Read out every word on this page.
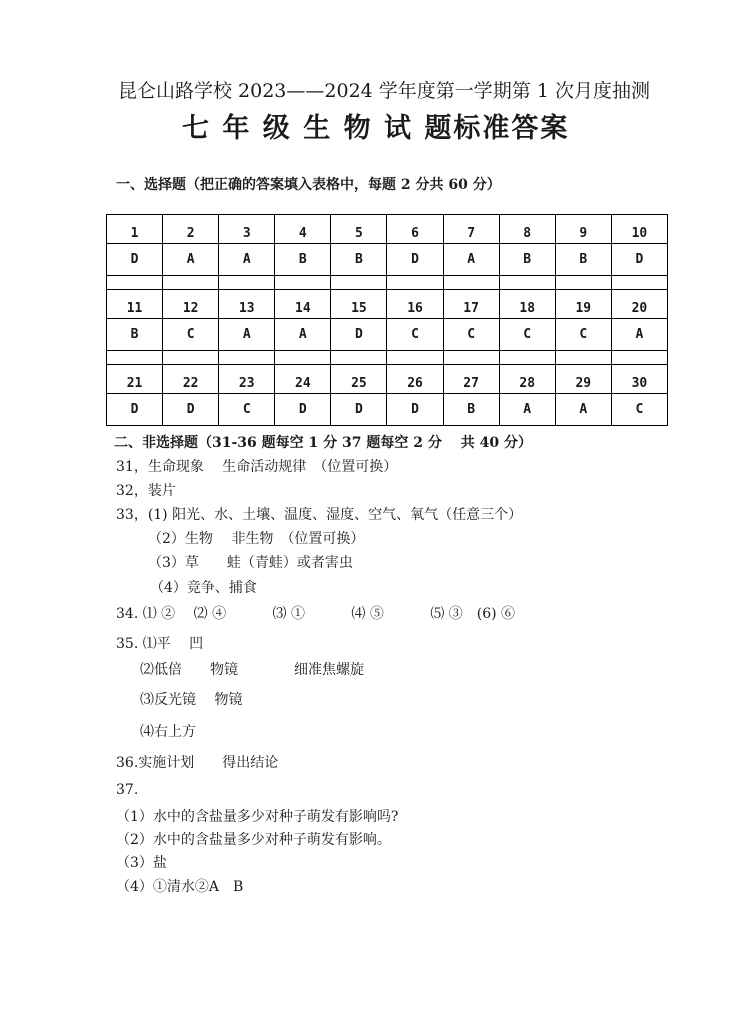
昆仑山路学校 2023——2024 学年度第一学期第 1 次月度抽测
七 年 级 生 物 试 题标准答案
一、选择题（把正确的答案填入表格中，每题 2 分共 60 分）
1	2	3	4	5	6	7	8	9	10
D	A	A	B	B	D	A	B	B	D

11	12	13	14	15	16	17	18	19	20
B	C	A	A	D	C	C	C	C	A

21	22	23	24	25	26	27	28	29	30
D	D	C	D	D	D	B	A	A	C
二、非选择题（31-36 题每空 1 分 37 题每空 2 分　 共 40 分）
31，生命现象　 生命活动规律　（位置可换）
32，装片
33，(1) 阳光、水、土壤、温度、湿度、空气、氧气（任意三个）
（2）生物　 非生物　（位置可换）
（3）草　　蛙（青蛙）或者害虫
（4）竞争、捕食
34. ⑴ ②　 ⑵ ④　　　 ⑶ ①　　　 ⑷ ⑤　　　 ⑸ ③　(6) ⑥
35. ⑴平　 凹
⑵低倍　　物镜　　　　细准焦螺旋
⑶反光镜　 物镜
⑷右上方
36.实施计划　　得出结论
37.
（1）水中的含盐量多少对种子萌发有影响吗?
（2）水中的含盐量多少对种子萌发有影响。
（3）盐
（4）①清水②A　B
